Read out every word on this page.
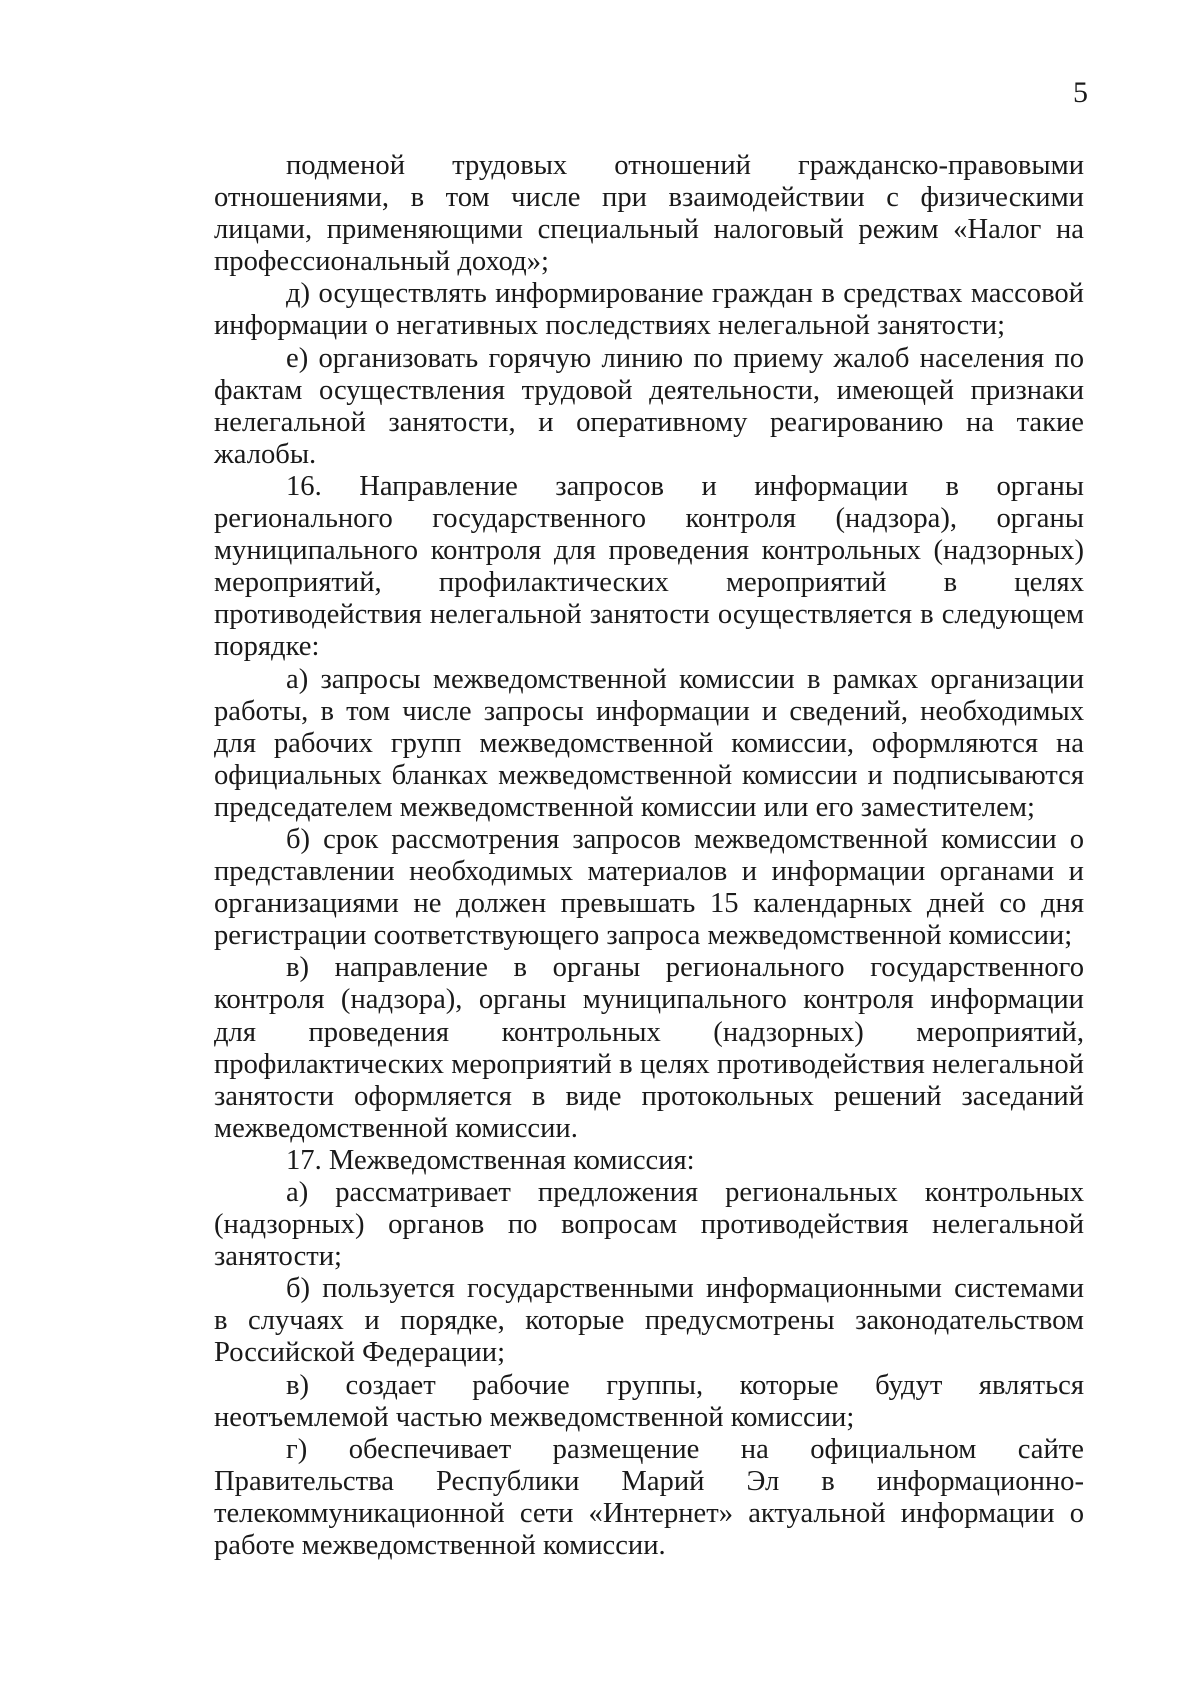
5

подменой трудовых отношений гражданско-правовыми отношениями, в том числе при взаимодействии с физическими лицами, применяющими специальный налоговый режим «Налог на профессиональный доход»;

д) осуществлять информирование граждан в средствах массовой информации о негативных последствиях нелегальной занятости;

е) организовать горячую линию по приему жалоб населения по фактам осуществления трудовой деятельности, имеющей признаки нелегальной занятости, и оперативному реагированию на такие жалобы.

16. Направление запросов и информации в органы регионального государственного контроля (надзора), органы муниципального контроля для проведения контрольных (надзорных) мероприятий, профилактических мероприятий в целях противодействия нелегальной занятости осуществляется в следующем порядке:

а) запросы межведомственной комиссии в рамках организации работы, в том числе запросы информации и сведений, необходимых для рабочих групп межведомственной комиссии, оформляются на официальных бланках межведомственной комиссии и подписываются председателем межведомственной комиссии или его заместителем;

б) срок рассмотрения запросов межведомственной комиссии о представлении необходимых материалов и информации органами и организациями не должен превышать 15 календарных дней со дня регистрации соответствующего запроса межведомственной комиссии;

в) направление в органы регионального государственного контроля (надзора), органы муниципального контроля информации для проведения контрольных (надзорных) мероприятий, профилактических мероприятий в целях противодействия нелегальной занятости оформляется в виде протокольных решений заседаний межведомственной комиссии.

17. Межведомственная комиссия:

а) рассматривает предложения региональных контрольных (надзорных) органов по вопросам противодействия нелегальной занятости;

б) пользуется государственными информационными системами в случаях и порядке, которые предусмотрены законодательством Российской Федерации;

в) создает рабочие группы, которые будут являться неотъемлемой частью межведомственной комиссии;

г) обеспечивает размещение на официальном сайте Правительства Республики Марий Эл в информационно-телекоммуникационной сети «Интернет» актуальной информации о работе межведомственной комиссии.
